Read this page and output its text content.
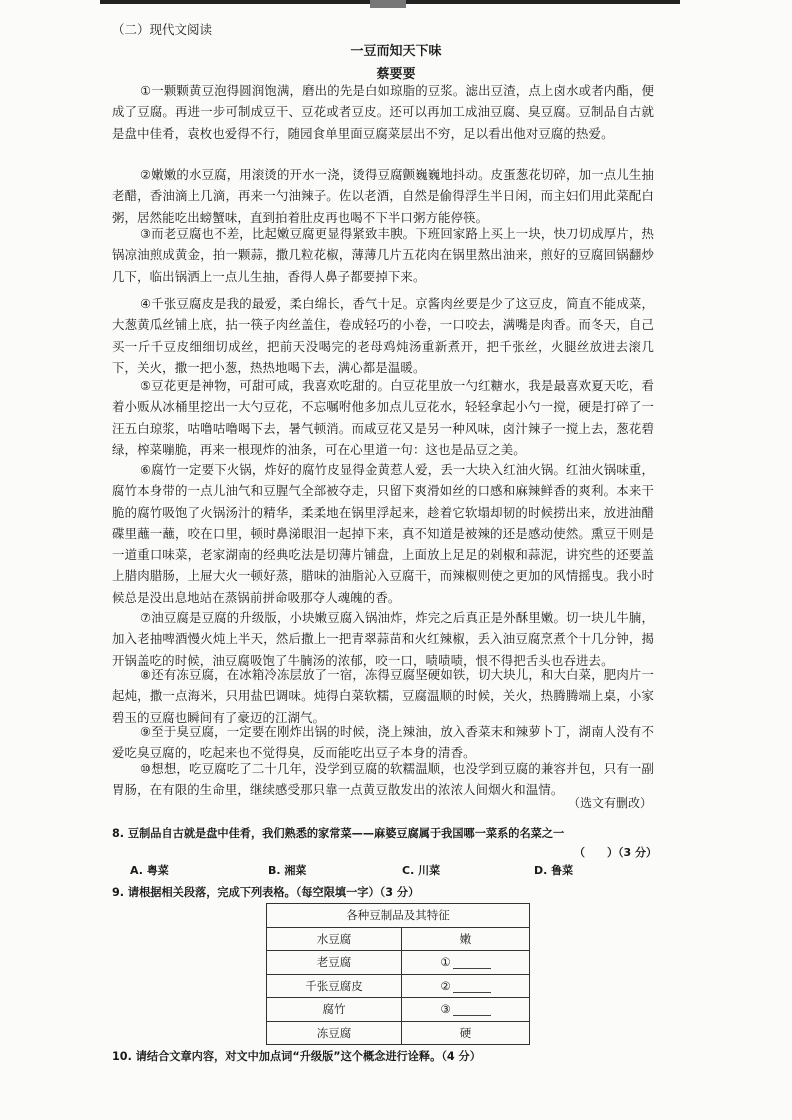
（二）现代文阅读
一豆而知天下味
蔡要要
①一颗颗黄豆泡得圆润饱满，磨出的先是白如琼脂的豆浆。滤出豆渣，点上卤水或者内酯，便成了豆腐。再进一步可制成豆干、豆花或者豆皮。还可以再加工成油豆腐、臭豆腐。豆制品自古就是盘中佳肴，袁枚也爱得不行，随园食单里面豆腐菜层出不穷，足以看出他对豆腐的热爱。
②嫩嫩的水豆腐，用滚烫的开水一浇，烫得豆腐颤巍巍地抖动。皮蛋葱花切碎，加一点儿生抽老醋，香油滴上几滴，再来一勺油辣子。佐以老酒，自然是偷得浮生半日闲，而主妇们用此菜配白粥，居然能吃出螃蟹味，直到拍着肚皮再也喝不下半口粥方能停筷。
③而老豆腐也不差，比起嫩豆腐更显得紧致丰腴。下班回家路上买上一块，快刀切成厚片，热锅凉油煎成黄金，拍一颗蒜，撒几粒花椒，薄薄几片五花肉在锅里熬出油来，煎好的豆腐回锅翻炒几下，临出锅洒上一点儿生抽，香得人鼻子都要掉下来。
④千张豆腐皮是我的最爱，柔白绵长，香气十足。京酱肉丝要是少了这豆皮，简直不能成菜，大葱黄瓜丝铺上底，拈一筷子肉丝盖住，卷成轻巧的小卷，一口咬去，满嘴是肉香。而冬天，自己买一斤千豆皮细细切成丝，把前天没喝完的老母鸡炖汤重新煮开，把千张丝，火腿丝放进去滚几下，关火，撒一把小葱，热热地喝下去，满心都是温暖。
⑤豆花更是神物，可甜可咸，我喜欢吃甜的。白豆花里放一勺红糖水，我是最喜欢夏天吃，看着小贩从冰桶里挖出一大勺豆花，不忘嘱咐他多加点儿豆花水，轻轻拿起小勺一搅，硬是打碎了一汪五白琼浆，咕噜咕噜喝下去，暑气顿消。而咸豆花又是另一种风味，卤汁辣子一搅上去，葱花碧绿，榨菜嘣脆，再来一根现炸的油条，可在心里道一句：这也是品豆之美。
⑥腐竹一定要下火锅，炸好的腐竹皮显得金黄惹人爱，丢一大块入红油火锅。红油火锅味重，腐竹本身带的一点儿油气和豆腥气全部被夺走，只留下爽滑如丝的口感和麻辣鲜香的爽利。本来干脆的腐竹吸饱了火锅汤汁的精华，柔柔地在锅里浮起来，趁着它软塌却韧的时候捞出来，放进油醋碟里蘸一蘸，咬在口里，顿时鼻涕眼泪一起掉下来，真不知道是被辣的还是感动使然。熏豆干则是一道重口味菜，老家湖南的经典吃法是切薄片铺盘，上面放上足足的剁椒和蒜泥，讲究些的还要盖上腊肉腊肠，上屉大火一顿好蒸，腊味的油脂沁入豆腐干，而辣椒则使之更加的风情摇曳。我小时候总是没出息地站在蒸锅前拼命吸那夺人魂魄的香。
⑦油豆腐是豆腐的升级版，小块嫩豆腐入锅油炸，炸完之后真正是外酥里嫩。切一块儿牛腩，加入老抽啤酒慢火炖上半天，然后撒上一把青翠蒜苗和火红辣椒，丢入油豆腐烹煮个十几分钟，揭开锅盖吃的时候，油豆腐吸饱了牛腩汤的浓郁，咬一口，啧啧啧，恨不得把舌头也吞进去。
⑧还有冻豆腐，在冰箱冷冻层放了一宿，冻得豆腐坚硬如铁，切大块儿，和大白菜，肥肉片一起炖，撒一点海米，只用盐巴调味。炖得白菜软糯，豆腐温顺的时候，关火，热腾腾端上桌，小家碧玉的豆腐也瞬间有了豪迈的江湖气。
⑨至于臭豆腐，一定要在刚炸出锅的时候，浇上辣油，放入香菜末和辣萝卜丁，湖南人没有不爱吃臭豆腐的，吃起来也不觉得臭，反而能吃出豆子本身的清香。
⑩想想，吃豆腐吃了二十几年，没学到豆腐的软糯温顺，也没学到豆腐的兼容并包，只有一副胃肠，在有限的生命里，继续感受那只靠一点黄豆散发出的浓浓人间烟火和温情。
（选文有删改）
8. 豆制品自古就是盘中佳肴，我们熟悉的家常菜——麻婆豆腐属于我国哪一菜系的名菜之一
（　　）（3 分）
A. 粤菜	B. 湘菜	C. 川菜	D. 鲁菜
9. 请根据相关段落，完成下列表格。（每空限填一字）（3 分）
各种豆制品及其特征	
水豆腐	嫩
老豆腐	①
千张豆腐皮	②
腐竹	③
冻豆腐	硬
10. 请结合文章内容，对文中加点词“升级版”这个概念进行诠释。（4 分）
